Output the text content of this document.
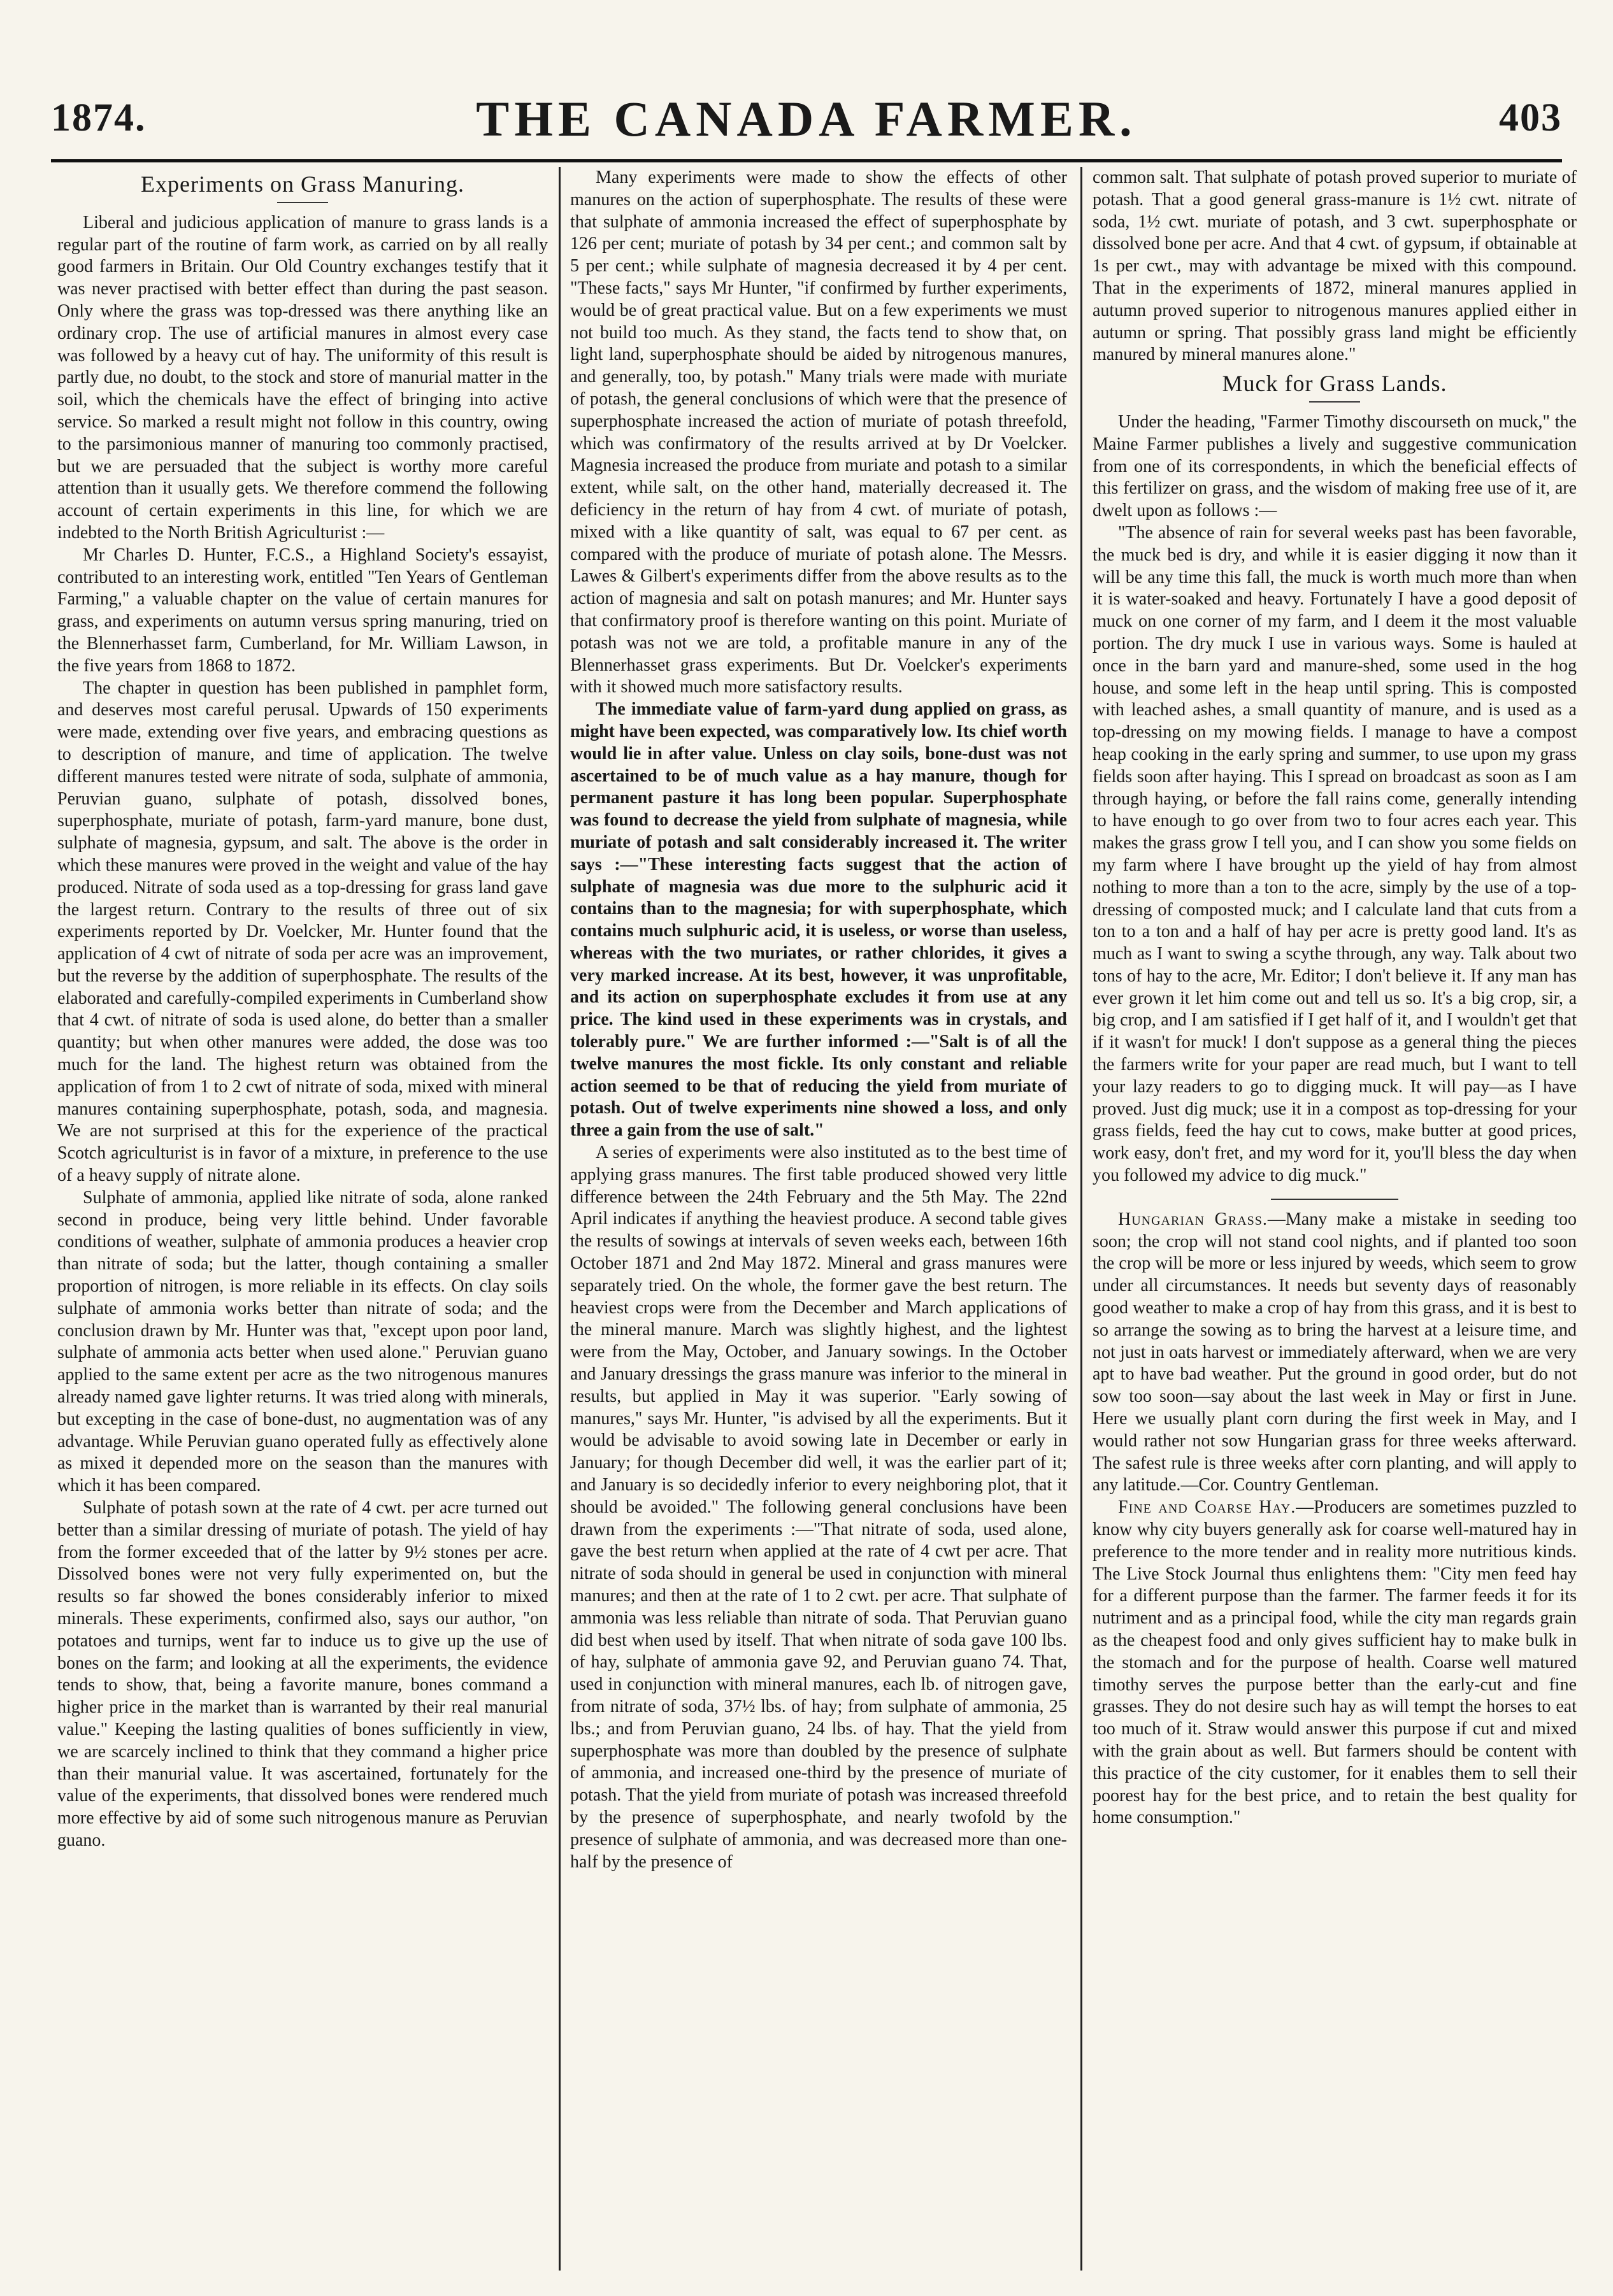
1874.	THE CANADA FARMER.	403
Experiments on Grass Manuring.

Liberal and judicious application of manure to grass lands is a regular part of the routine of farm work, as carried on by all really good farmers in Britain. Our Old Country exchanges testify that it was never practised with better effect than during the past season. Only where the grass was top-dressed was there anything like an ordinary crop. The use of artificial manures in almost every case was followed by a heavy cut of hay. The uniformity of this result is partly due, no doubt, to the stock and store of manurial matter in the soil, which the chemicals have the effect of bringing into active service. So marked a result might not follow in this country, owing to the parsimonious manner of manuring too commonly practised, but we are persuaded that the subject is worthy more careful attention than it usually gets. We therefore commend the following account of certain experiments in this line, for which we are indebted to the North British Agriculturist :—

Mr Charles D. Hunter, F.C.S., a Highland Society's essayist, contributed to an interesting work, entitled "Ten Years of Gentleman Farming," a valuable chapter on the value of certain manures for grass, and experiments on autumn versus spring manuring, tried on the Blennerhasset farm, Cumberland, for Mr. William Lawson, in the five years from 1868 to 1872.

The chapter in question has been published in pamphlet form, and deserves most careful perusal. Upwards of 150 experiments were made, extending over five years, and embracing questions as to description of manure, and time of application. The twelve different manures tested were nitrate of soda, sulphate of ammonia, Peruvian guano, sulphate of potash, dissolved bones, superphosphate, muriate of potash, farm-yard manure, bone dust, sulphate of magnesia, gypsum, and salt. The above is the order in which these manures were proved in the weight and value of the hay produced. Nitrate of soda used as a top-dressing for grass land gave the largest return. Contrary to the results of three out of six experiments reported by Dr. Voelcker, Mr. Hunter found that the application of 4 cwt of nitrate of soda per acre was an improvement, but the reverse by the addition of superphosphate. The results of the elaborated and carefully-compiled experiments in Cumberland show that 4 cwt. of nitrate of soda is used alone, do better than a smaller quantity; but when other manures were added, the dose was too much for the land. The highest return was obtained from the application of from 1 to 2 cwt of nitrate of soda, mixed with mineral manures containing superphosphate, potash, soda, and magnesia. We are not surprised at this for the experience of the practical Scotch agriculturist is in favor of a mixture, in preference to the use of a heavy supply of nitrate alone.

Sulphate of ammonia, applied like nitrate of soda, alone ranked second in produce, being very little behind. Under favorable conditions of weather, sulphate of ammonia produces a heavier crop than nitrate of soda; but the latter, though containing a smaller proportion of nitrogen, is more reliable in its effects. On clay soils sulphate of ammonia works better than nitrate of soda; and the conclusion drawn by Mr. Hunter was that, "except upon poor land, sulphate of ammonia acts better when used alone." Peruvian guano applied to the same extent per acre as the two nitrogenous manures already named gave lighter returns. It was tried along with minerals, but excepting in the case of bone-dust, no augmentation was of any advantage. While Peruvian guano operated fully as effectively alone as mixed it depended more on the season than the manures with which it has been compared.

Sulphate of potash sown at the rate of 4 cwt. per acre turned out better than a similar dressing of muriate of potash. The yield of hay from the former exceeded that of the latter by 9½ stones per acre. Dissolved bones were not very fully experimented on, but the results so far showed the bones considerably inferior to mixed minerals. These experiments, confirmed also, says our author, "on potatoes and turnips, went far to induce us to give up the use of bones on the farm; and looking at all the experiments, the evidence tends to show, that, being a favorite manure, bones command a higher price in the market than is warranted by their real manurial value." Keeping the lasting qualities of bones sufficiently in view, we are scarcely inclined to think that they command a higher price than their manurial value. It was ascertained, fortunately for the value of the experiments, that dissolved bones were rendered much more effective by aid of some such nitrogenous manure as Peruvian guano.

Many experiments were made to show the effects of other manures on the action of superphosphate. The results of these were that sulphate of ammonia increased the effect of superphosphate by 126 per cent; muriate of potash by 34 per cent.; and common salt by 5 per cent.; while sulphate of magnesia decreased it by 4 per cent. "These facts," says Mr Hunter, "if confirmed by further experiments, would be of great practical value. But on a few experiments we must not build too much. As they stand, the facts tend to show that, on light land, superphosphate should be aided by nitrogenous manures, and generally, too, by potash." Many trials were made with muriate of potash, the general conclusions of which were that the presence of superphosphate increased the action of muriate of potash threefold, which was confirmatory of the results arrived at by Dr Voelcker. Magnesia increased the produce from muriate and potash to a similar extent, while salt, on the other hand, materially decreased it. The deficiency in the return of hay from 4 cwt. of muriate of potash, mixed with a like quantity of salt, was equal to 67 per cent. as compared with the produce of muriate of potash alone. The Messrs. Lawes & Gilbert's experiments differ from the above results as to the action of magnesia and salt on potash manures; and Mr. Hunter says that confirmatory proof is therefore wanting on this point. Muriate of potash was not we are told, a profitable manure in any of the Blennerhasset grass experiments. But Dr. Voelcker's experiments with it showed much more satisfactory results.

The immediate value of farm-yard dung applied on grass, as might have been expected, was comparatively low. Its chief worth would lie in after value. Unless on clay soils, bone-dust was not ascertained to be of much value as a hay manure, though for permanent pasture it has long been popular. Superphosphate was found to decrease the yield from sulphate of magnesia, while muriate of potash and salt considerably increased it. The writer says :—"These interesting facts suggest that the action of sulphate of magnesia was due more to the sulphuric acid it contains than to the magnesia; for with superphosphate, which contains much sulphuric acid, it is useless, or worse than useless, whereas with the two muriates, or rather chlorides, it gives a very marked increase. At its best, however, it was unprofitable, and its action on superphosphate excludes it from use at any price. The kind used in these experiments was in crystals, and tolerably pure." We are further informed :—"Salt is of all the twelve manures the most fickle. Its only constant and reliable action seemed to be that of reducing the yield from muriate of potash. Out of twelve experiments nine showed a loss, and only three a gain from the use of salt."

A series of experiments were also instituted as to the best time of applying grass manures. The first table produced showed very little difference between the 24th February and the 5th May. The 22nd April indicates if anything the heaviest produce. A second table gives the results of sowings at intervals of seven weeks each, between 16th October 1871 and 2nd May 1872. Mineral and grass manures were separately tried. On the whole, the former gave the best return. The heaviest crops were from the December and March applications of the mineral manure. March was slightly highest, and the lightest were from the May, October, and January sowings. In the October and January dressings the grass manure was inferior to the mineral in results, but applied in May it was superior. "Early sowing of manures," says Mr. Hunter, "is advised by all the experiments. But it would be advisable to avoid sowing late in December or early in January; for though December did well, it was the earlier part of it; and January is so decidedly inferior to every neighboring plot, that it should be avoided." The following general conclusions have been drawn from the experiments :—"That nitrate of soda, used alone, gave the best return when applied at the rate of 4 cwt per acre. That nitrate of soda should in general be used in conjunction with mineral manures; and then at the rate of 1 to 2 cwt. per acre. That sulphate of ammonia was less reliable than nitrate of soda. That Peruvian guano did best when used by itself. That when nitrate of soda gave 100 lbs. of hay, sulphate of ammonia gave 92, and Peruvian guano 74. That, used in conjunction with mineral manures, each lb. of nitrogen gave, from nitrate of soda, 37½ lbs. of hay; from sulphate of ammonia, 25 lbs.; and from Peruvian guano, 24 lbs. of hay. That the yield from superphosphate was more than doubled by the presence of sulphate of ammonia, and increased one-third by the presence of muriate of potash. That the yield from muriate of potash was increased threefold by the presence of superphosphate, and nearly twofold by the presence of sulphate of ammonia, and was decreased more than one-half by the presence of

common salt. That sulphate of potash proved superior to muriate of potash. That a good general grass-manure is 1½ cwt. nitrate of soda, 1½ cwt. muriate of potash, and 3 cwt. superphosphate or dissolved bone per acre. And that 4 cwt. of gypsum, if obtainable at 1s per cwt., may with advantage be mixed with this compound. That in the experiments of 1872, mineral manures applied in autumn proved superior to nitrogenous manures applied either in autumn or spring. That possibly grass land might be efficiently manured by mineral manures alone."

Muck for Grass Lands.

Under the heading, "Farmer Timothy discourseth on muck," the Maine Farmer publishes a lively and suggestive communication from one of its correspondents, in which the beneficial effects of this fertilizer on grass, and the wisdom of making free use of it, are dwelt upon as follows :—

"The absence of rain for several weeks past has been favorable, the muck bed is dry, and while it is easier digging it now than it will be any time this fall, the muck is worth much more than when it is water-soaked and heavy. Fortunately I have a good deposit of muck on one corner of my farm, and I deem it the most valuable portion. The dry muck I use in various ways. Some is hauled at once in the barn yard and manure-shed, some used in the hog house, and some left in the heap until spring. This is composted with leached ashes, a small quantity of manure, and is used as a top-dressing on my mowing fields. I manage to have a compost heap cooking in the early spring and summer, to use upon my grass fields soon after haying. This I spread on broadcast as soon as I am through haying, or before the fall rains come, generally intending to have enough to go over from two to four acres each year. This makes the grass grow I tell you, and I can show you some fields on my farm where I have brought up the yield of hay from almost nothing to more than a ton to the acre, simply by the use of a top-dressing of composted muck; and I calculate land that cuts from a ton to a ton and a half of hay per acre is pretty good land. It's as much as I want to swing a scythe through, any way. Talk about two tons of hay to the acre, Mr. Editor; I don't believe it. If any man has ever grown it let him come out and tell us so. It's a big crop, sir, a big crop, and I am satisfied if I get half of it, and I wouldn't get that if it wasn't for muck! I don't suppose as a general thing the pieces the farmers write for your paper are read much, but I want to tell your lazy readers to go to digging muck. It will pay—as I have proved. Just dig muck; use it in a compost as top-dressing for your grass fields, feed the hay cut to cows, make butter at good prices, work easy, don't fret, and my word for it, you'll bless the day when you followed my advice to dig muck."

Hungarian Grass.—Many make a mistake in seeding too soon; the crop will not stand cool nights, and if planted too soon the crop will be more or less injured by weeds, which seem to grow under all circumstances. It needs but seventy days of reasonably good weather to make a crop of hay from this grass, and it is best to so arrange the sowing as to bring the harvest at a leisure time, and not just in oats harvest or immediately afterward, when we are very apt to have bad weather. Put the ground in good order, but do not sow too soon—say about the last week in May or first in June. Here we usually plant corn during the first week in May, and I would rather not sow Hungarian grass for three weeks afterward. The safest rule is three weeks after corn planting, and will apply to any latitude.—Cor. Country Gentleman.

Fine and Coarse Hay.—Producers are sometimes puzzled to know why city buyers generally ask for coarse well-matured hay in preference to the more tender and in reality more nutritious kinds. The Live Stock Journal thus enlightens them: "City men feed hay for a different purpose than the farmer. The farmer feeds it for its nutriment and as a principal food, while the city man regards grain as the cheapest food and only gives sufficient hay to make bulk in the stomach and for the purpose of health. Coarse well matured timothy serves the purpose better than the early-cut and fine grasses. They do not desire such hay as will tempt the horses to eat too much of it. Straw would answer this purpose if cut and mixed with the grain about as well. But farmers should be content with this practice of the city customer, for it enables them to sell their poorest hay for the best price, and to retain the best quality for home consumption."
